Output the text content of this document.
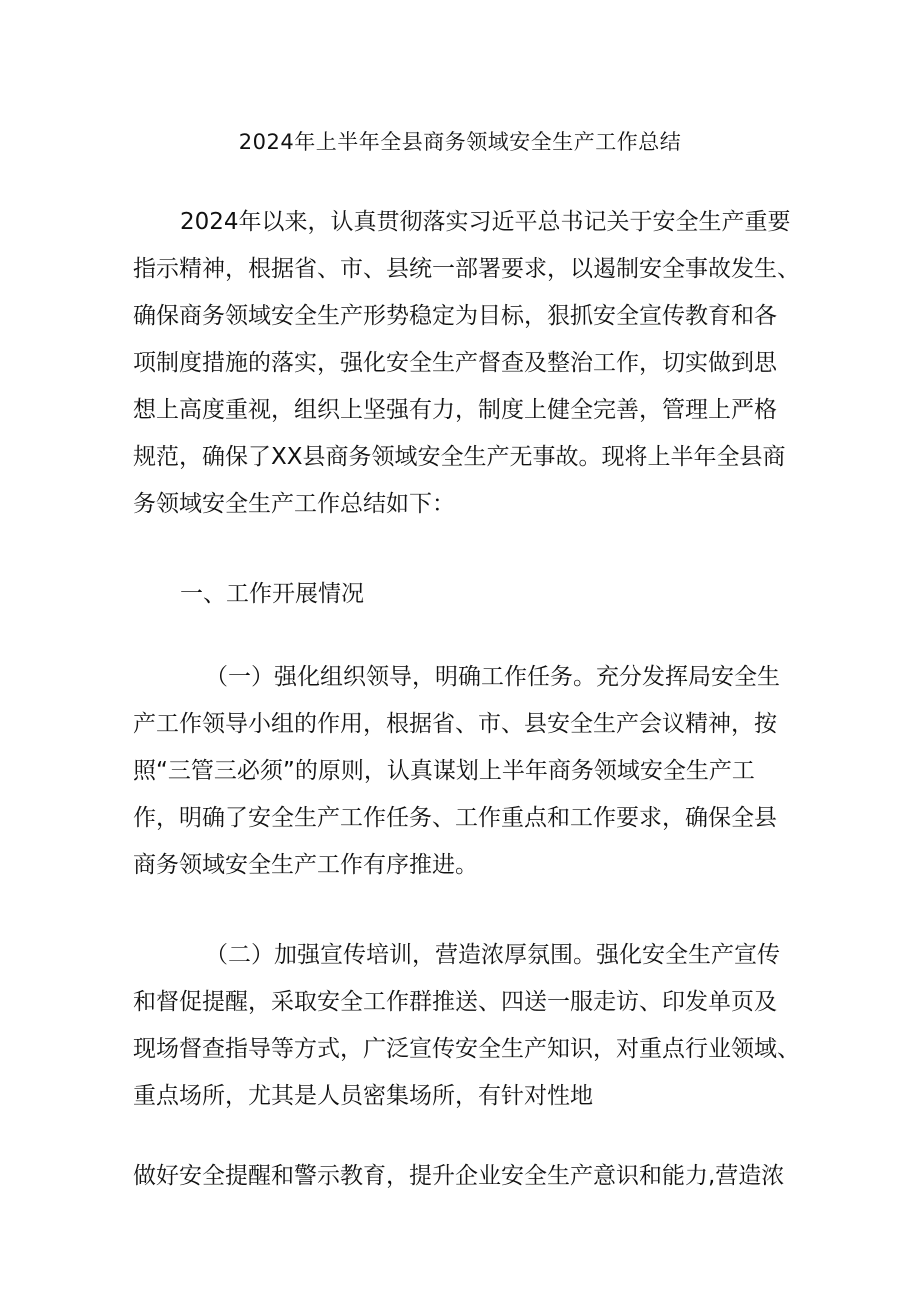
2024年上半年全县商务领域安全生产工作总结
2024年以来，认真贯彻落实习近平总书记关于安全生产重要
指示精神，根据省、市、县统一部署要求，以遏制安全事故发生、
确保商务领域安全生产形势稳定为目标，狠抓安全宣传教育和各
项制度措施的落实，强化安全生产督查及整治工作，切实做到思
想上高度重视，组织上坚强有力，制度上健全完善，管理上严格
规范，确保了XX县商务领域安全生产无事故。现将上半年全县商
务领域安全生产工作总结如下：
一、工作开展情况
（一）强化组织领导，明确工作任务。充分发挥局安全生
产工作领导小组的作用，根据省、市、县安全生产会议精神，按
照“三管三必须”的原则，认真谋划上半年商务领域安全生产工
作，明确了安全生产工作任务、工作重点和工作要求，确保全县
商务领域安全生产工作有序推进。
（二）加强宣传培训，营造浓厚氛围。强化安全生产宣传
和督促提醒，采取安全工作群推送、四送一服走访、印发单页及
现场督查指导等方式，广泛宣传安全生产知识，对重点行业领域、
重点场所，尤其是人员密集场所，有针对性地
做好安全提醒和警示教育，提升企业安全生产意识和能力,营造浓
